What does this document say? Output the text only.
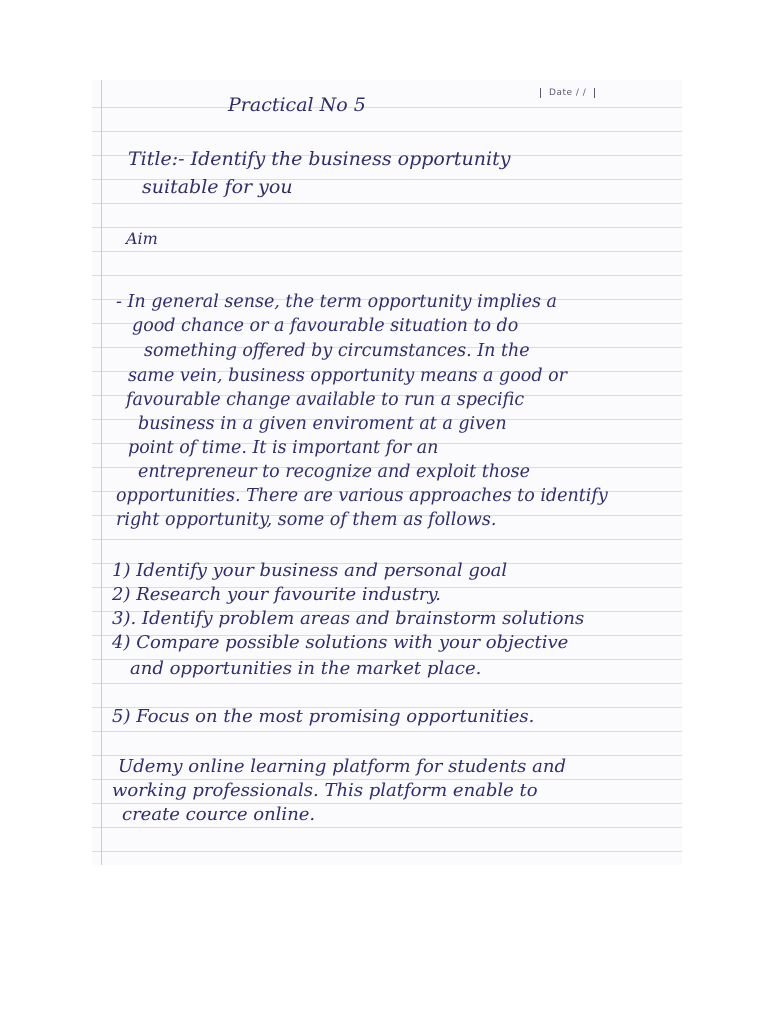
Date / /
Practical No 5
Title:- Identify the business opportunity
suitable for you
Aim
- In general sense, the term opportunity implies a
good chance or a favourable situation to do
something offered by circumstances. In the
same vein, business opportunity means a good or
favourable change available to run a specific
business in a given enviroment at a given
point of time. It is important for an
entrepreneur to recognize and exploit those
opportunities. There are various approaches to identify
right opportunity, some of them as follows.
1) Identify your business and personal goal
2) Research your favourite industry.
3). Identify problem areas and brainstorm solutions
4) Compare possible solutions with your objective
and opportunities in the market place.
5) Focus on the most promising opportunities.
Udemy online learning platform for students and
working professionals. This platform enable to
create cource online.
